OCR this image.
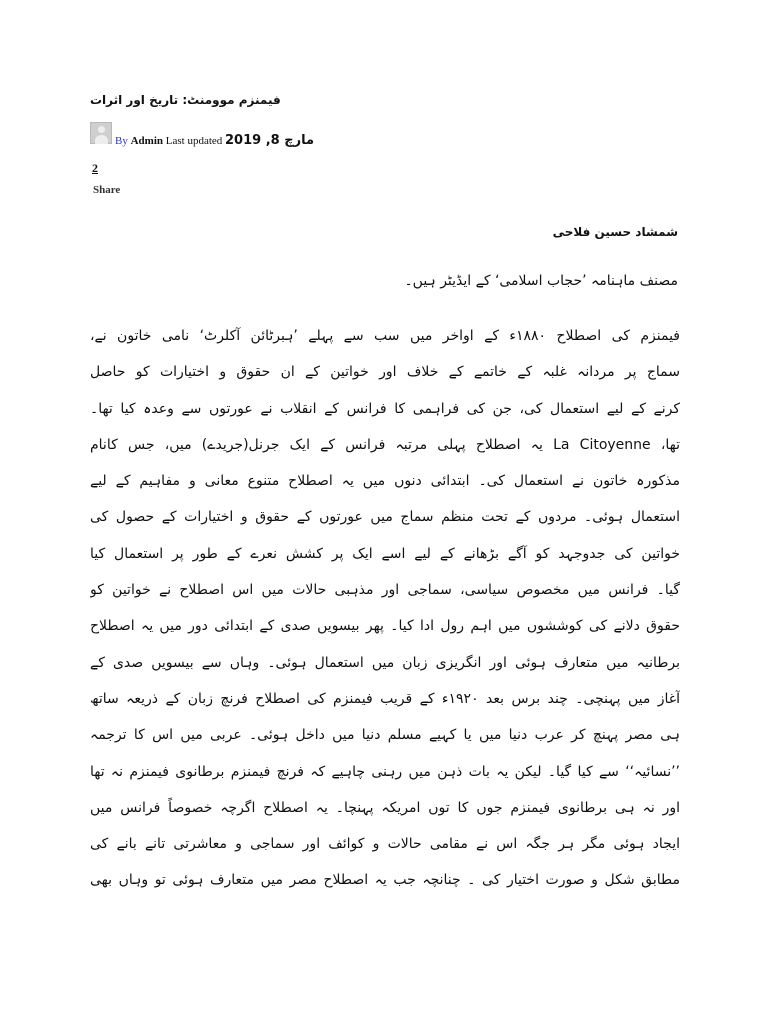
فیمنزم موومنٹ: تاریخ اور اثرات
By Admin Last updated مارچ 8, 2019
2
Share
شمشاد حسین فلاحی
مصنف ماہنامہ ’حجاب اسلامی‘ کے ایڈیٹر ہیں۔
فیمنزم کی اصطلاح ۱۸۸۰ء کے اواخر میں سب سے پہلے ’ہبرٹائن آکلرٹ‘ نامی خاتون نے،
سماج پر مردانہ غلبہ کے خاتمے کے خلاف اور خواتین کے ان حقوق و اختیارات کو حاصل
کرنے کے لیے استعمال کی، جن کی فراہمی کا فرانس کے انقلاب نے عورتوں سے وعدہ کیا تھا۔
تھا، La Citoyenne یہ اصطلاح پہلی مرتبہ فرانس کے ایک جرنل(جریدے) میں، جس کانام
مذکورہ خاتون نے استعمال کی۔ ابتدائی دنوں میں یہ اصطلاح متنوع معانی و مفاہیم کے لیے
استعمال ہوئی۔ مردوں کے تحت منظم سماج میں عورتوں کے حقوق و اختیارات کے حصول کی
خواتین کی جدوجہد کو آگے بڑھانے کے لیے اسے ایک پر کشش نعرے کے طور پر استعمال کیا
گیا۔ فرانس میں مخصوص سیاسی، سماجی اور مذہبی حالات میں اس اصطلاح نے خواتین کو
حقوق دلانے کی کوششوں میں اہم رول ادا کیا۔ پھر بیسویں صدی کے ابتدائی دور میں یہ اصطلاح
برطانیہ میں متعارف ہوئی اور انگریزی زبان میں استعمال ہوئی۔ وہاں سے بیسویں صدی کے
آغاز میں پہنچی۔ چند برس بعد ۱۹۲۰ء کے قریب فیمنزم کی اصطلاح فرنچ زبان کے ذریعہ ساتھ
ہی مصر پہنچ کر عرب دنیا میں یا کہیے مسلم دنیا میں داخل ہوئی۔ عربی میں اس کا ترجمہ
’’نسائیہ‘‘ سے کیا گیا۔ لیکن یہ بات ذہن میں رہنی چاہیے کہ فرنچ فیمنزم برطانوی فیمنزم نہ تھا
اور نہ ہی برطانوی فیمنزم جوں کا توں امریکہ پہنچا۔ یہ اصطلاح اگرچہ خصوصاً فرانس میں
ایجاد ہوئی مگر ہر جگہ اس نے مقامی حالات و کوائف اور سماجی و معاشرتی تانے بانے کی
مطابق شکل و صورت اختیار کی ۔ چنانچہ جب یہ اصطلاح مصر میں متعارف ہوئی تو وہاں بھی
